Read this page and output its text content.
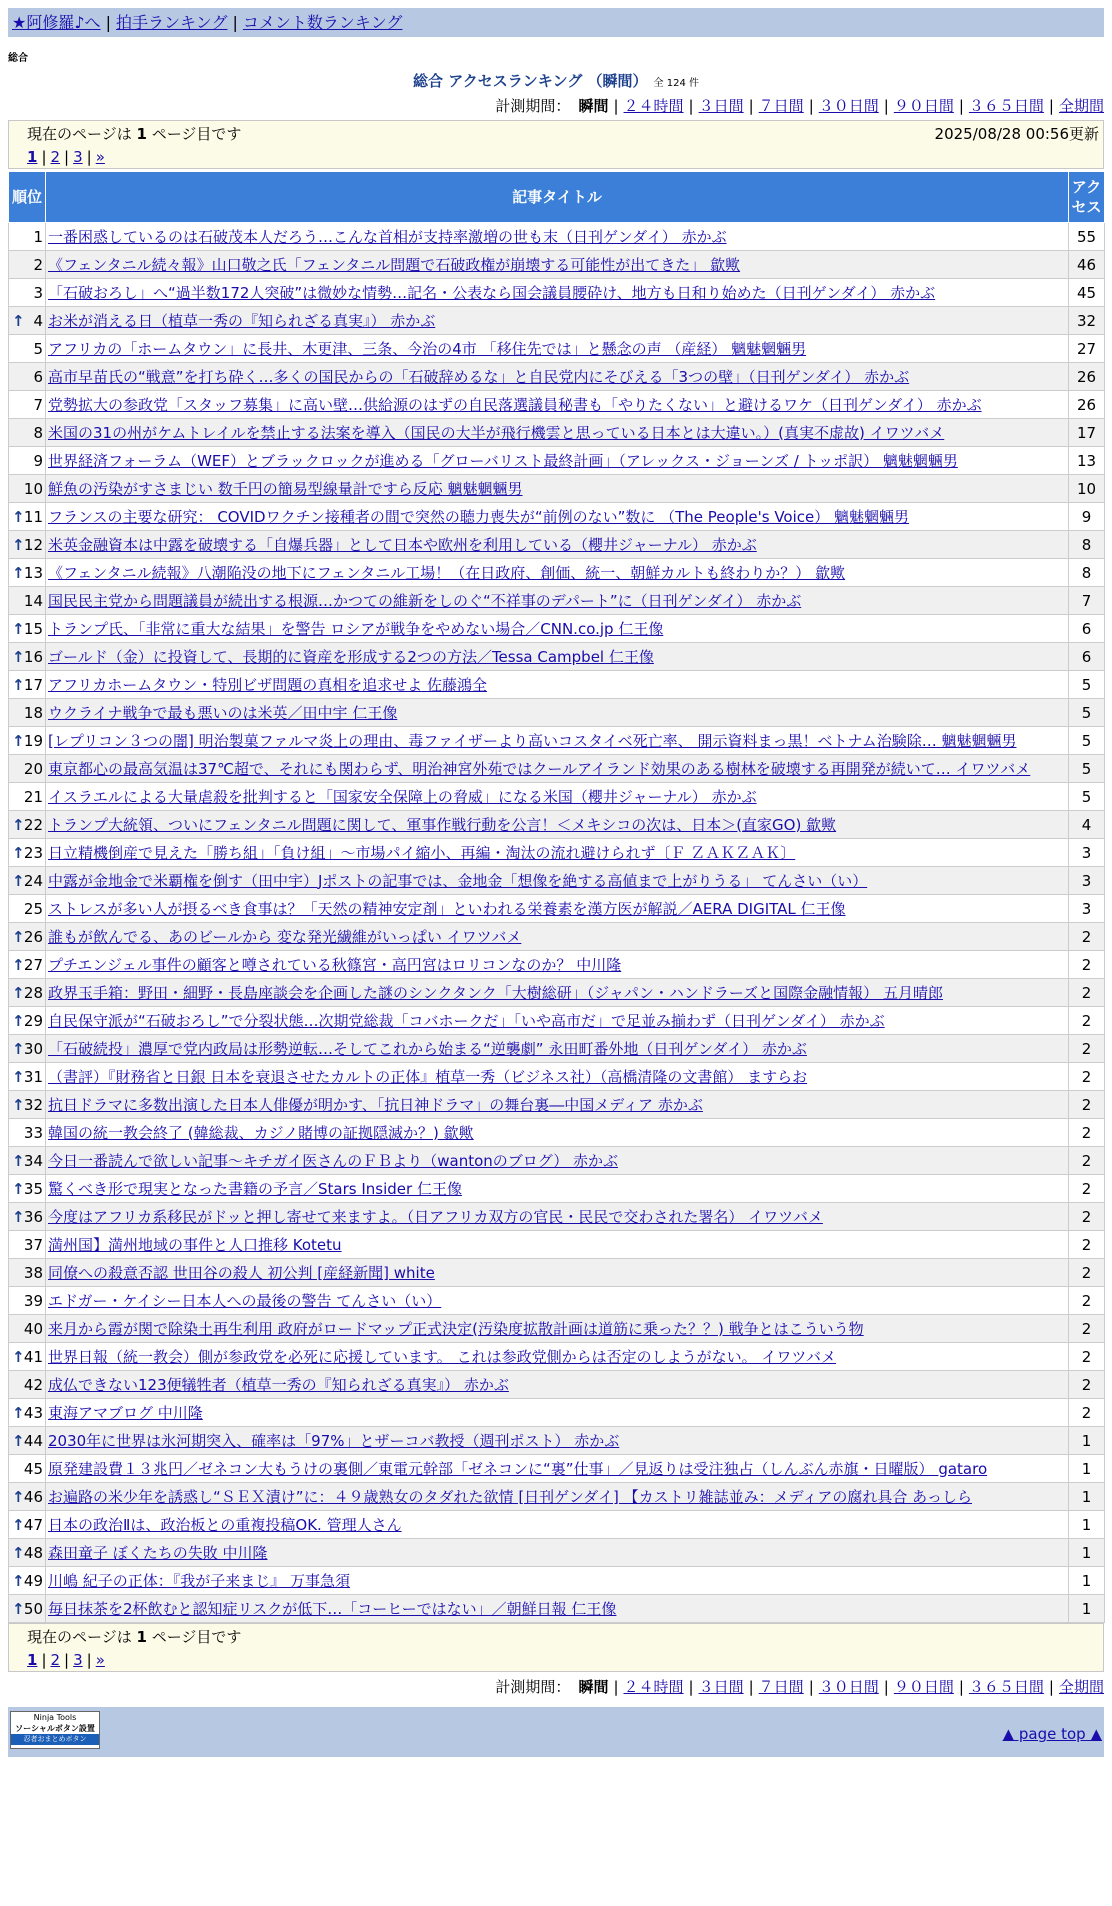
★阿修羅♪へ | 拍手ランキング | コメント数ランキング
総合
総合 アクセスランキング （瞬間） 全 124 件
計測期間： 瞬間 | ２４時間 | ３日間 | ７日間 | ３０日間 | ９０日間 | ３６５日間 | 全期間
現在のページは 1 ページ目です	2025/08/28 00:56更新
1 | 2 | 3 | »
順位	記事タイトル	アクセス
1	一番困惑しているのは石破茂本人だろう…こんな首相が支持率激増の世も末（日刊ゲンダイ） 赤かぶ	55
2	《フェンタニル続々報》山口敬之氏「フェンタニル問題で石破政権が崩壊する可能性が出てきた」 歙歟	46
3	「石破おろし」へ“過半数172人突破”は微妙な情勢…記名・公表なら国会議員腰砕け、地方も日和り始めた（日刊ゲンダイ） 赤かぶ	45

↑ 4	お米が消える日（植草一秀の『知られざる真実』） 赤かぶ	32
5	アフリカの「ホームタウン」に長井、木更津、三条、今治の4市 「移住先では」と懸念の声 （産経） 魑魅魍魎男	27
6	高市早苗氏の“戦意”を打ち砕く…多くの国民からの「石破辞めるな」と自民党内にそびえる「3つの壁」（日刊ゲンダイ） 赤かぶ	26
7	党勢拡大の参政党「スタッフ募集」に高い壁…供給源のはずの自民落選議員秘書も「やりたくない」と避けるワケ（日刊ゲンダイ） 赤かぶ	26
8	米国の31の州がケムトレイルを禁止する法案を導入（国民の大半が飛行機雲と思っている日本とは大違い。）(真実不虚故) イワツバメ	17
9	世界経済フォーラム（WEF）とブラックロックが進める「グローバリスト最終計画」（アレックス・ジョーンズ / トッポ訳） 魑魅魍魎男	13
10	鮮魚の汚染がすさまじい 数千円の簡易型線量計ですら反応 魑魅魍魎男	10

↑ 11	フランスの主要な研究： COVIDワクチン接種者の間で突然の聴力喪失が“前例のない”数に （The People's Voice） 魑魅魍魎男	9

↑ 12	米英金融資本は中露を破壊する「自爆兵器」として日本や欧州を利用している（櫻井ジャーナル） 赤かぶ	8

↑ 13	《フェンタニル続報》八潮陥没の地下にフェンタニル工場！（在日政府、創価、統一、朝鮮カルトも終わりか？） 歙歟	8
14	国民民主党から問題議員が続出する根源…かつての維新をしのぐ“不祥事のデパート”に（日刊ゲンダイ） 赤かぶ	7

↑ 15	トランプ氏、「非常に重大な結果」を警告 ロシアが戦争をやめない場合／CNN.co.jp 仁王像	6

↑ 16	ゴールド（金）に投資して、長期的に資産を形成する2つの方法／Tessa Campbel 仁王像	6

↑ 17	アフリカホームタウン・特別ビザ問題の真相を追求せよ 佐藤鴻全	5
18	ウクライナ戦争で最も悪いのは米英／田中宇 仁王像	5

↑ 19	[レプリコン３つの闇] 明治製菓ファルマ炎上の理由、毒ファイザーより高いコスタイベ死亡率、 開示資料まっ黒！ベトナム治験除… 魑魅魍魎男	5
20	東京都心の最高気温は37℃超で、それにも関わらず、明治神宮外苑ではクールアイランド効果のある樹林を破壊する再開発が続いて… イワツバメ	5
21	イスラエルによる大量虐殺を批判すると「国家安全保障上の脅威」になる米国（櫻井ジャーナル） 赤かぶ	5

↑ 22	トランプ大統領、ついにフェンタニル問題に関して、軍事作戦行動を公言！＜メキシコの次は、日本＞(直家GO) 歙歟	4

↑ 23	日立精機倒産で見えた「勝ち組」「負け組」～市場パイ縮小、再編・淘汰の流れ避けられず〔Ｆ ＺＡＫＺＡＫ〕	3

↑ 24	中露が金地金で米覇権を倒す（田中宇）Jポストの記事では、金地金「想像を絶する高値まで上がりうる」 てんさい（い）	3
25	ストレスが多い人が摂るべき食事は？「天然の精神安定剤」といわれる栄養素を漢方医が解説／AERA DIGITAL 仁王像	3

↑ 26	誰もが飲んでる、あのビールから 変な発光繊維がいっぱい イワツバメ	2

↑ 27	プチエンジェル事件の顧客と噂されている秋篠宮・高円宮はロリコンなのか？ 中川隆	2

↑ 28	政界玉手箱：野田・細野・長島座談会を企画した謎のシンクタンク「大樹総研」（ジャパン・ハンドラーズと国際金融情報） 五月晴郎	2

↑ 29	自民保守派が“石破おろし”で分裂状態…次期党総裁「コバホークだ」「いや高市だ」で足並み揃わず（日刊ゲンダイ） 赤かぶ	2

↑ 30	「石破続投」濃厚で党内政局は形勢逆転…そしてこれから始まる“逆襲劇” 永田町番外地（日刊ゲンダイ） 赤かぶ	2

↑ 31	（書評）『財務省と日銀 日本を衰退させたカルトの正体』植草一秀（ビジネス社）（高橋清隆の文書館） ますらお	2

↑ 32	抗日ドラマに多数出演した日本人俳優が明かす、「抗日神ドラマ」の舞台裏―中国メディア 赤かぶ	2
33	韓国の統一教会終了 (韓総裁、カジノ賭博の証拠隠滅か？) 歙歟	2

↑ 34	今日一番読んで欲しい記事～キチガイ医さんのＦＢより（wantonのブログ） 赤かぶ	2

↑ 35	驚くべき形で現実となった書籍の予言／Stars Insider 仁王像	2

↑ 36	今度はアフリカ系移民がドッと押し寄せて来ますよ。（日アフリカ双方の官民・民民で交わされた署名） イワツバメ	2
37	満州国】満州地域の事件と人口推移 Kotetu	2
38	同僚への殺意否認 世田谷の殺人 初公判 [産経新聞] white	2
39	エドガー・ケイシー日本人への最後の警告 てんさい（い）	2
40	来月から霞が関で除染土再生利用 政府がロードマップ正式決定(汚染度拡散計画は道筋に乗った？？) 戦争とはこういう物	2

↑ 41	世界日報（統一教会）側が参政党を必死に応援しています。 これは参政党側からは否定のしようがない。 イワツバメ	2
42	成仏できない123便犠牲者（植草一秀の『知られざる真実』） 赤かぶ	2

↑ 43	東海アマブログ 中川隆	2

↑ 44	2030年に世界は氷河期突入、確率は「97%」とザーコバ教授（週刊ポスト） 赤かぶ	1
45	原発建設費１３兆円／ゼネコン大もうけの裏側／東電元幹部「ゼネコンに“裏”仕事」／見返りは受注独占（しんぶん赤旗・日曜版） gataro	1

↑ 46	お遍路の米少年を誘惑し“ＳＥＸ漬け”に：４９歳熟女のタダれた欲情 [日刊ゲンダイ] 【カストリ雑誌並み：メディアの腐れ具合 あっしら	1

↑ 47	日本の政治Ⅱは、政治板との重複投稿OK. 管理人さん	1

↑ 48	森田童子 ぼくたちの失敗 中川隆	1

↑ 49	川嶋 紀子の正体：『我が子来まじ』 万事急須	1

↑ 50	毎日抹茶を2杯飲むと認知症リスクが低下…「コーヒーではない」／朝鮮日報 仁王像	1
現在のページは 1 ページ目です
1 | 2 | 3 | »
計測期間： 瞬間 | ２４時間 | ３日間 | ７日間 | ３０日間 | ９０日間 | ３６５日間 | 全期間
Ninja Tools
ソーシャルボタン設置
忍者おまとめボタン	▲ page top ▲
